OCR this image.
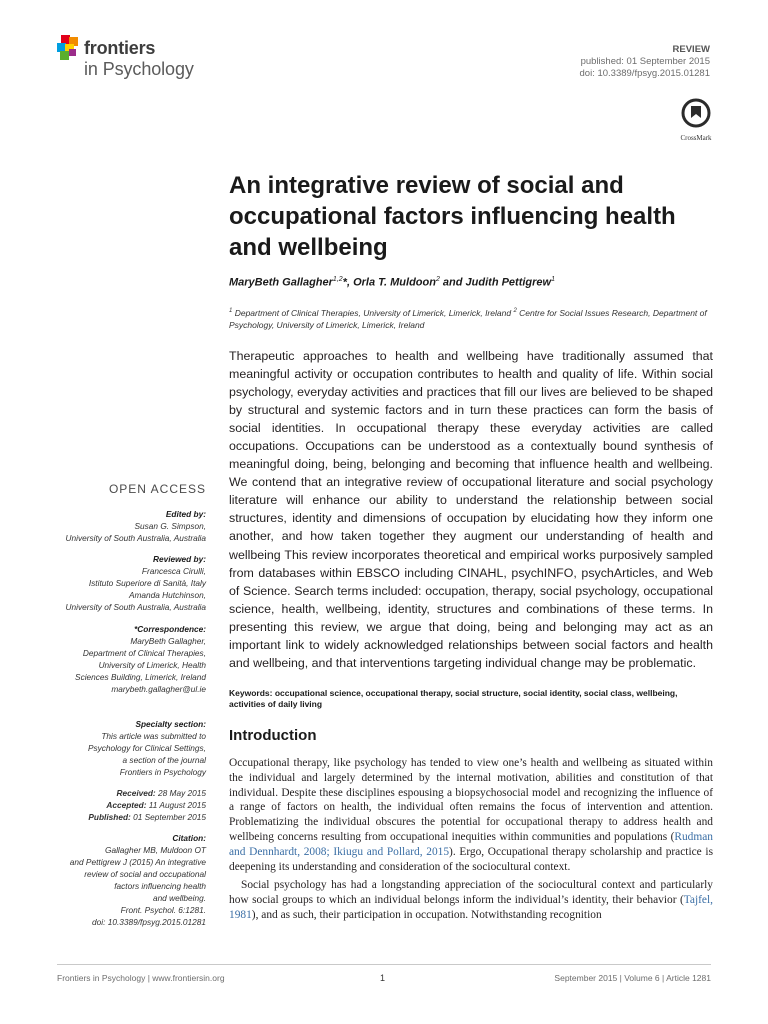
frontiers
in Psychology
REVIEW
published: 01 September 2015
doi: 10.3389/fpsyg.2015.01281
CrossMark
An integrative review of social and occupational factors influencing health and wellbeing
MaryBeth Gallagher$^{1,2}$*, Orla T. Muldoon$^2$ and Judith Pettigrew$^1$
$^1$ Department of Clinical Therapies, University of Limerick, Limerick, Ireland $^2$ Centre for Social Issues Research, Department of Psychology, University of Limerick, Limerick, Ireland
Therapeutic approaches to health and wellbeing have traditionally assumed that meaningful activity or occupation contributes to health and quality of life. Within social psychology, everyday activities and practices that fill our lives are believed to be shaped by structural and systemic factors and in turn these practices can form the basis of social identities. In occupational therapy these everyday activities are called occupations. Occupations can be understood as a contextually bound synthesis of meaningful doing, being, belonging and becoming that influence health and wellbeing. We contend that an integrative review of occupational literature and social psychology literature will enhance our ability to understand the relationship between social structures, identity and dimensions of occupation by elucidating how they inform one another, and how taken together they augment our understanding of health and wellbeing This review incorporates theoretical and empirical works purposively sampled from databases within EBSCO including CINAHL, psychINFO, psychArticles, and Web of Science. Search terms included: occupation, therapy, social psychology, occupational science, health, wellbeing, identity, structures and combinations of these terms. In presenting this review, we argue that doing, being and belonging may act as an important link to widely acknowledged relationships between social factors and health and wellbeing, and that interventions targeting individual change may be problematic.
Keywords: occupational science, occupational therapy, social structure, social identity, social class, wellbeing, activities of daily living
Introduction

Occupational therapy, like psychology has tended to view one’s health and wellbeing as situated within the individual and largely determined by the internal motivation, abilities and constitution of that individual. Despite these disciplines espousing a biopsychosocial model and recognizing the influence of a range of factors on health, the individual often remains the focus of intervention and attention. Problematizing the individual obscures the potential for occupational therapy to address health and wellbeing concerns resulting from occupational inequities within communities and populations (Rudman and Dennhardt, 2008; Ikiugu and Pollard, 2015). Ergo, Occupational therapy scholarship and practice is deepening its understanding and consideration of the sociocultural context.

Social psychology has had a longstanding appreciation of the sociocultural context and particularly how social groups to which an individual belongs inform the individual’s identity, their behavior (Tajfel, 1981), and as such, their participation in occupation. Notwithstanding recognition

OPEN ACCESS
Edited by:
Susan G. Simpson,
University of South Australia, Australia
Reviewed by:
Francesca Cirulli,
Istituto Superiore di Sanità, Italy
Amanda Hutchinson,
University of South Australia, Australia
*Correspondence:
MaryBeth Gallagher,
Department of Clinical Therapies,
University of Limerick, Health
Sciences Building, Limerick, Ireland
marybeth.gallagher@ul.ie
Specialty section:
This article was submitted to
Psychology for Clinical Settings,
a section of the journal
Frontiers in Psychology
Received: 28 May 2015
Accepted: 11 August 2015
Published: 01 September 2015
Citation:
Gallagher MB, Muldoon OT
and Pettigrew J (2015) An integrative
review of social and occupational
factors influencing health
and wellbeing.
Front. Psychol. 6:1281.
doi: 10.3389/fpsyg.2015.01281
Frontiers in Psychology | www.frontiersin.org	1	September 2015 | Volume 6 | Article 1281
